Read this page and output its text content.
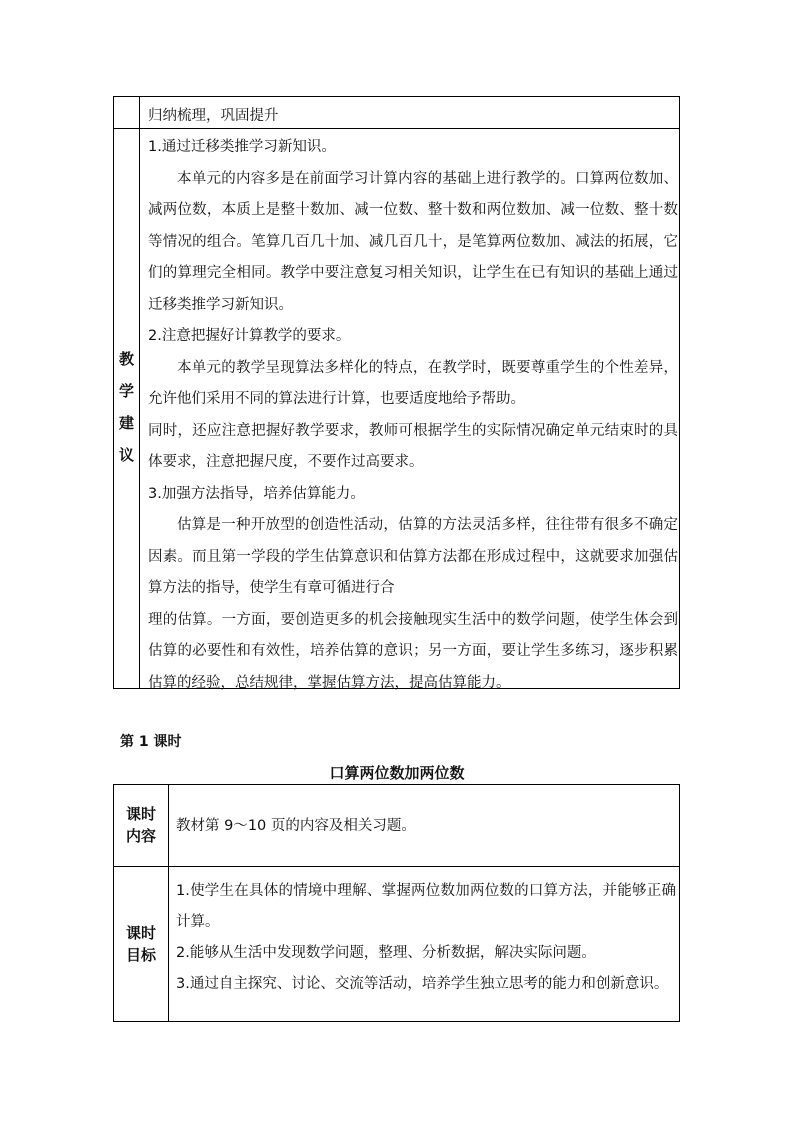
归纳梳理，巩固提升
教
学
建
议

1.通过迁移类推学习新知识。

本单元的内容多是在前面学习计算内容的基础上进行教学的。口算两位数加、减两位数，本质上是整十数加、减一位数、整十数和两位数加、减一位数、整十数等情况的组合。笔算几百几十加、减几百几十，是笔算两位数加、减法的拓展，它们的算理完全相同。教学中要注意复习相关知识，让学生在已有知识的基础上通过迁移类推学习新知识。

2.注意把握好计算教学的要求。

本单元的教学呈现算法多样化的特点，在教学时，既要尊重学生的个性差异，允许他们采用不同的算法进行计算，也要适度地给予帮助。

同时，还应注意把握好教学要求，教师可根据学生的实际情况确定单元结束时的具体要求，注意把握尺度，不要作过高要求。

3.加强方法指导，培养估算能力。

估算是一种开放型的创造性活动，估算的方法灵活多样，往往带有很多不确定因素。而且第一学段的学生估算意识和估算方法都在形成过程中，这就要求加强估算方法的指导，使学生有章可循进行合

理的估算。一方面，要创造更多的机会接触现实生活中的数学问题，使学生体会到估算的必要性和有效性，培养估算的意识；另一方面，要让学生多练习，逐步积累估算的经验，总结规律，掌握估算方法，提高估算能力。

第 1 课时
口算两位数加两位数
课时
内容
教材第 9～10 页的内容及相关习题。
课时
目标

1.使学生在具体的情境中理解、掌握两位数加两位数的口算方法，并能够正确计算。

2.能够从生活中发现数学问题，整理、分析数据，解决实际问题。

3.通过自主探究、讨论、交流等活动，培养学生独立思考的能力和创新意识。
